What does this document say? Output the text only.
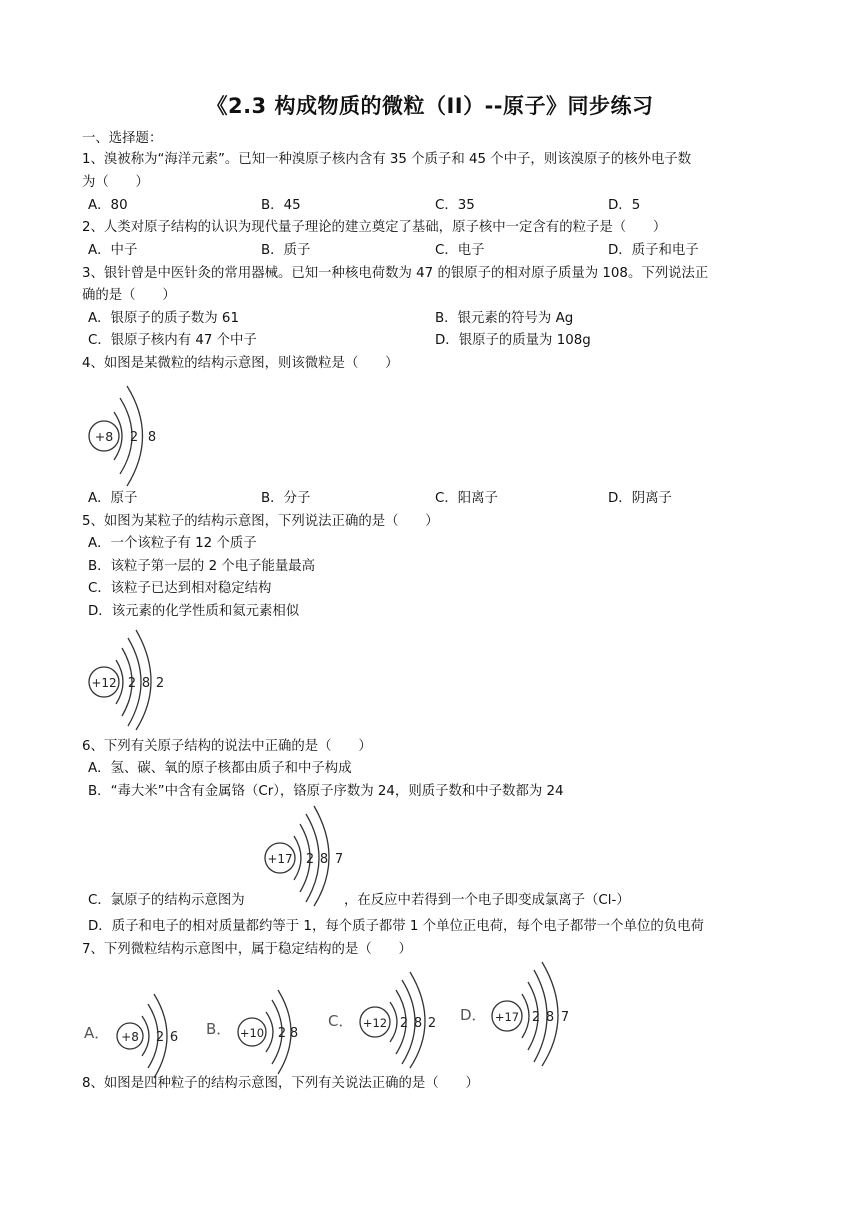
《2.3 构成物质的微粒（II）--原子》同步练习
一、选择题：
1、溴被称为“海洋元素”。已知一种溴原子核内含有 35 个质子和 45 个中子，则该溴原子的核外电子数
为（　　）
A．80	B．45	C．35	D．5
2、人类对原子结构的认识为现代量子理论的建立奠定了基础，原子核中一定含有的粒子是（　　）
A．中子	B．质子	C．电子	D．质子和电子
3、银针曾是中医针灸的常用器械。已知一种核电荷数为 47 的银原子的相对原子质量为 108。下列说法正
确的是（　　）
A．银原子的质子数为 61	B．银元素的符号为 Ag
C．银原子核内有 47 个中子	D．银原子的质量为 108g
4、如图是某微粒的结构示意图，则该微粒是（　　）
+8 2 8
A．原子	B．分子	C．阳离子	D．阴离子
5、如图为某粒子的结构示意图，下列说法正确的是（　　）
A．一个该粒子有 12 个质子
B．该粒子第一层的 2 个电子能量最高
C．该粒子已达到相对稳定结构
D．该元素的化学性质和氦元素相似
+12 2 8 2
6、下列有关原子结构的说法中正确的是（　　）
A．氢、碳、氧的原子核都由质子和中子构成
B．“毒大米”中含有金属铬（Cr），铬原子序数为 24，则质子数和中子数都为 24
+17 2 8 7
C．氯原子的结构示意图为	，在反应中若得到一个电子即变成氯离子（Cl-）
D．质子和电子的相对质量都约等于 1，每个质子都带 1 个单位正电荷，每个电子都带一个单位的负电荷
7、下列微粒结构示意图中，属于稳定结构的是（　　）
A． +8 2 6 B． +10 2 8
C． +12 2 8 2 D． +17 2 8 7
8、如图是四种粒子的结构示意图，下列有关说法正确的是（　　）
